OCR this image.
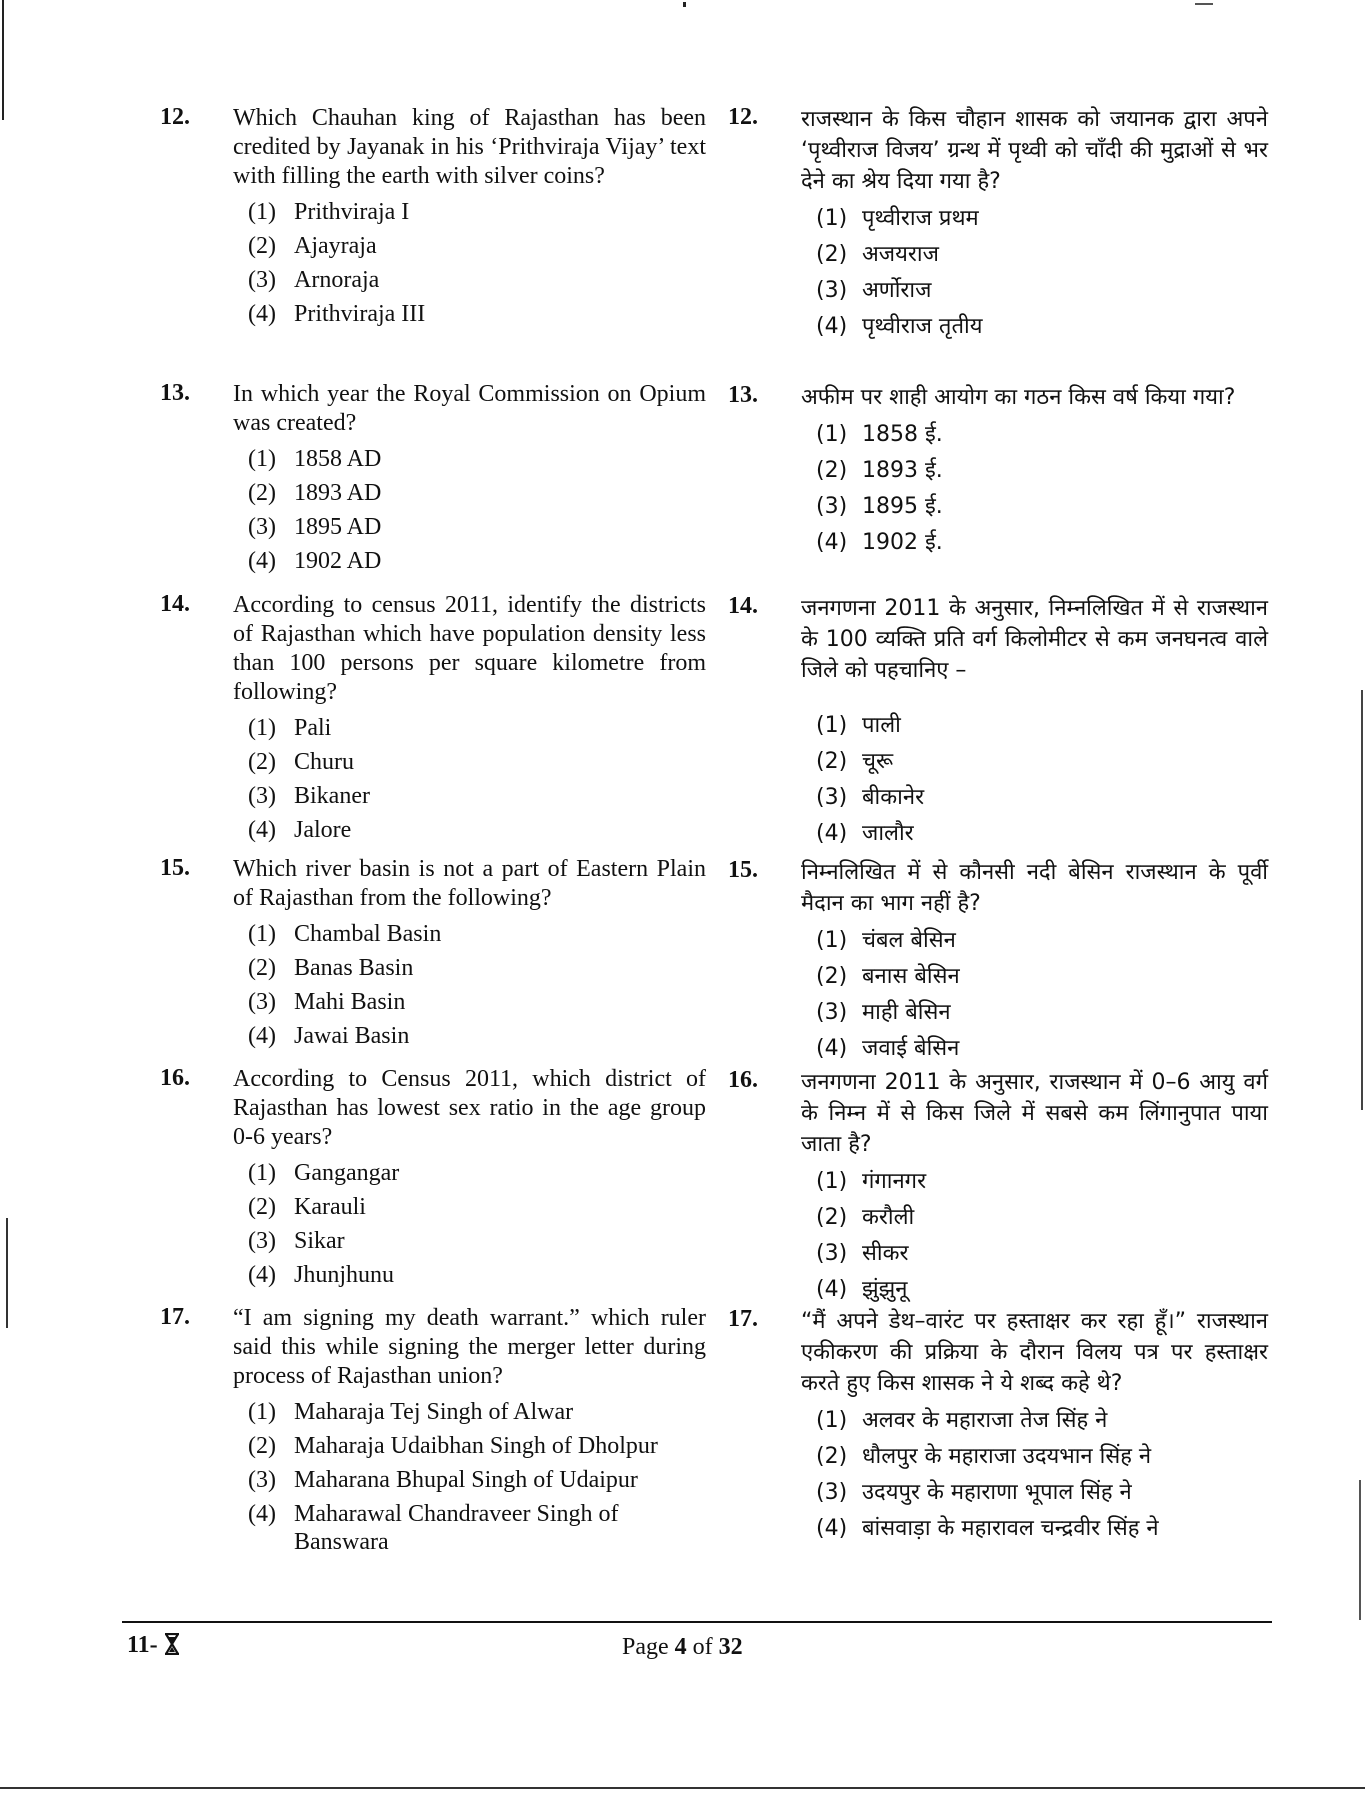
12. Which Chauhan king of Rajasthan has been credited by Jayanak in his ‘Prithviraja Vijay’ text with filling the earth with silver coins?
(1) Prithviraja I
(2) Ajayraja
(3) Arnoraja
(4) Prithviraja III
13. In which year the Royal Commission on Opium was created?
(1) 1858 AD
(2) 1893 AD
(3) 1895 AD
(4) 1902 AD
14. According to census 2011, identify the districts of Rajasthan which have population density less than 100 persons per square kilometre from following?
(1) Pali
(2) Churu
(3) Bikaner
(4) Jalore
15. Which river basin is not a part of Eastern Plain of Rajasthan from the following?
(1) Chambal Basin
(2) Banas Basin
(3) Mahi Basin
(4) Jawai Basin
16. According to Census 2011, which district of Rajasthan has lowest sex ratio in the age group 0-6 years?
(1) Gangangar
(2) Karauli
(3) Sikar
(4) Jhunjhunu
17. “I am signing my death warrant.” which ruler said this while signing the merger letter during process of Rajasthan union?
(1) Maharaja Tej Singh of Alwar
(2) Maharaja Udaibhan Singh of Dholpur
(3) Maharana Bhupal Singh of Udaipur
(4) Maharawal Chandraveer Singh of Banswara
12. राजस्थान के किस चौहान शासक को जयानक द्वारा अपने ‘पृथ्वीराज विजय’ ग्रन्थ में पृथ्वी को चाँदी की मुद्राओं से भर देने का श्रेय दिया गया है?
(1) पृथ्वीराज प्रथम
(2) अजयराज
(3) अर्णोराज
(4) पृथ्वीराज तृतीय
13. अफीम पर शाही आयोग का गठन किस वर्ष किया गया?
(1) 1858 ई.
(2) 1893 ई.
(3) 1895 ई.
(4) 1902 ई.
14. जनगणना 2011 के अनुसार, निम्नलिखित में से राजस्थान के 100 व्यक्ति प्रति वर्ग किलोमीटर से कम जनघनत्व वाले जिले को पहचानिए –
(1) पाली
(2) चूरू
(3) बीकानेर
(4) जालौर
15. निम्नलिखित में से कौनसी नदी बेसिन राजस्थान के पूर्वी मैदान का भाग नहीं है?
(1) चंबल बेसिन
(2) बनास बेसिन
(3) माही बेसिन
(4) जवाई बेसिन
16. जनगणना 2011 के अनुसार, राजस्थान में 0–6 आयु वर्ग के निम्न में से किस जिले में सबसे कम लिंगानुपात पाया जाता है?
(1) गंगानगर
(2) करौली
(3) सीकर
(4) झुंझुनू
17. “मैं अपने डेथ–वारंट पर हस्ताक्षर कर रहा हूँ।” राजस्थान एकीकरण की प्रक्रिया के दौरान विलय पत्र पर हस्ताक्षर करते हुए किस शासक ने ये शब्द कहे थे?
(1) अलवर के महाराजा तेज सिंह ने
(2) धौलपुर के महाराजा उदयभान सिंह ने
(3) उदयपुर के महाराणा भूपाल सिंह ने
(4) बांसवाड़ा के महारावल चन्द्रवीर सिंह ने
11-	Page 4 of 32
